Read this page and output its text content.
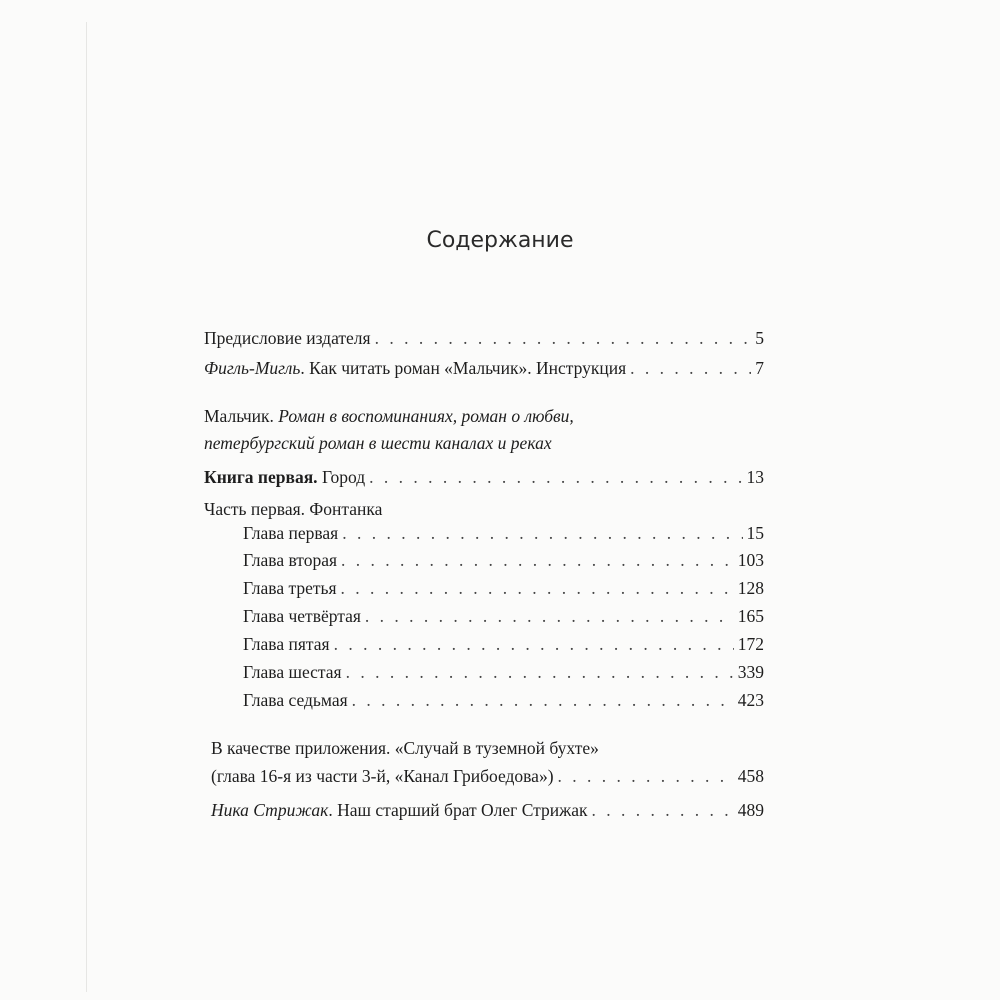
Содержание
Предисловие издателя . . .	5
Фигль-Мигль. Как читать роман «Мальчик». Инструкция . . .	7
Мальчик. Роман в воспоминаниях, роман о любви,
петербургский роман в шести каналах и реках
Книга первая. Город . . .	13
Часть первая. Фонтанка
Глава первая . . .	15
Глава вторая . . .	103
Глава третья . . .	128
Глава четвёртая . . .	165
Глава пятая . . .	172
Глава шестая . . .	339
Глава седьмая . . .	423
В качестве приложения. «Случай в туземной бухте»
(глава 16-я из части 3-й, «Канал Грибоедова») . . .	458
Ника Стрижак. Наш старший брат Олег Стрижак . . .	489
